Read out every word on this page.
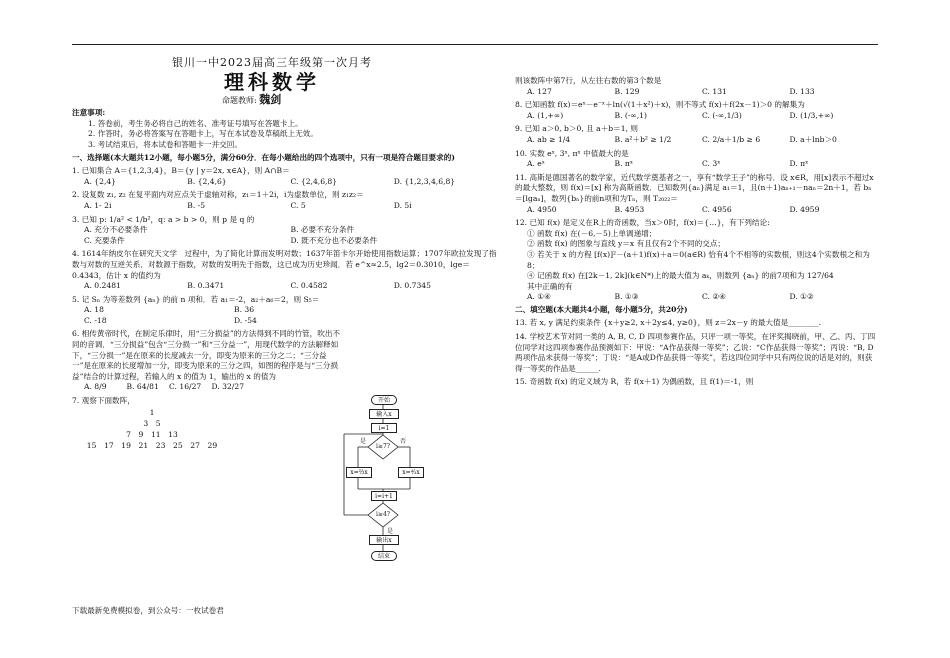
银川一中2023届高三年级第一次月考
理科数学
命题教师: 魏剑
注意事项:
1. 答卷前，考生务必将自己的姓名、准考证号填写在答题卡上。
2. 作答时，务必将答案写在答题卡上，写在本试卷及草稿纸上无效。
3. 考试结束后，将本试卷和答题卡一并交回。
一、选择题(本大题共12小题，每小题5分，满分60分．在每小题给出的四个选项中，只有一项是符合题目要求的)
1. 已知集合 A＝{1,2,3,4}，B＝{y | y＝2x, x∈A}，则 A∩B＝
A. {2,4}	B. {2,4,6}	C. {2,4,6,8}	D. {1,2,3,4,6,8}
2. 设复数 z₁, z₂ 在复平面内对应点关于虚轴对称，z₁＝1＋2i，i为虚数单位，则 z₁z₂＝
A. 1- 2i	B. -5	C. 5	D. 5i
3. 已知 p: 1/a² < 1/b²，q: a > b > 0，则 p 是 q 的
A. 充分不必要条件	B. 必要不充分条件
C. 充要条件	D. 既不充分也不必要条件
4. 1614年纳皮尔在研究天文学　过程中，为了简化计算而发明对数；1637年笛卡尔开始使用指数运算；1707年欧拉发现了指数与对数的互逆关系．对数源于指数，对数的发明先于指数，这已成为历史珍闻．若 e^x≈2.5，lg2＝0.3010，lge＝0.4343，估计 x 的值约为
A. 0.2481	B. 0.3471	C. 0.4582	D. 0.7345
5. 记 Sₙ 为等差数列 {aₙ} 的前 n 项和．若 a₁＝-2，a₂＋a₆＝2，则 S₅＝
A. 18	B. 36
C. -18	D. -54
6. 相传黄帝时代，在制定乐律时，用“三分损益”的方法得到不同的竹管，吹出不同的音调．“三分损益”包含“三分损一”和“三分益一”，用现代数学的方法解释如下，“三分损一”是在原来的长度减去一分，即变为原来的三分之二；“三分益一”是在原来的长度增加一分，即变为原来的三分之四，如图的程序是与“三分损益”结合的计算过程，若输入的 x 的值为 1，输出的 x 的值为
A. 8/9	B. 64/81	C. 16/27	D. 32/27
7. 观察下面数阵，
1
3　5
7　9　11　13
15　17　19　21　23　25　27　29
开始
输入x
i=1
i≥7?
是	否
x=⅔x	x=⁴⁄₃x
i=i+1
i≥4?
是
输出x
结束
则该数阵中第7行，从左往右数的第3个数是
A. 127	B. 129	C. 131	D. 133
8. 已知函数 f(x)＝eˣ－e⁻ˣ＋ln(√(1＋x²)＋x)，则不等式 f(x)＋f(2x－1)＞0 的解集为
A. (1,+∞)	B. (-∞,1)	C. (-∞,1/3)	D. (1/3,+∞)
9. 已知 a＞0, b＞0, 且 a＋b＝1, 则
A. ab ≥ 1/4	B. a²＋b² ≥ 1/2	C. 2/a＋1/b ≥ 6	D. a＋lnb＞0
10. 实数 eˣ, 3ˣ, πˣ 中值最大的是
A. eˣ	B. πˣ	C. 3ˣ	D. πˣ
11. 高斯是德国著名的数学家，近代数学奠基者之一，享有“数学王子”的称号．设 x∈R，用[x]表示不超过x的最大整数，则 f(x)＝[x] 称为高斯函数．已知数列{aₙ}满足 a₁＝1，且(n＋1)aₙ₊₁－naₙ＝2n＋1，若 bₙ＝[lgaₙ]，数列{bₙ}的前n项和为Tₙ，则 T₂₀₂₂＝
A. 4950	B. 4953	C. 4956	D. 4959
12. 已知 f(x) 是定义在R上的奇函数，当x＞0时，f(x)＝{…}，有下列结论:
① 函数 f(x) 在(－6,－5)上单调递增；
② 函数 f(x) 的图象与直线 y＝x 有且仅有2个不同的交点；
③ 若关于 x 的方程 [f(x)]²－(a＋1)f(x)＋a＝0(a∈R) 恰有4个不相等的实数根，则这4个实数根之和为8；
④ 记函数 f(x) 在[2k－1, 2k](k∈N*)上的最大值为 aₖ，则数列 {aₙ} 的前7项和为 127/64
其中正确的有
A. ①④	B. ①③	C. ②④	D. ①②
二、填空题(本大题共4小题，每小题5分，共20分)
13. 若 x, y 满足约束条件 {x＋y≥2, x＋2y≤4, y≥0}，则 z＝2x－y 的最大值是________.
14. 学校艺术节对同一类的 A, B, C, D 四项参赛作品，只评一项一等奖，在评奖揭晓前，甲、乙、丙、丁四位同学对这四项参赛作品预测如下：甲说：“A作品获得一等奖”；乙说：“C作品获得一等奖”；丙说：“B, D两项作品未获得一等奖”；丁说：“是A或D作品获得一等奖”，若这四位同学中只有两位说的话是对的，则获得一等奖的作品是______.
15. 奇函数 f(x) 的定义域为 R，若 f(x＋1) 为偶函数，且 f(1)＝-1，则
下载最新免费模拟卷，到公众号：一枚试卷君
